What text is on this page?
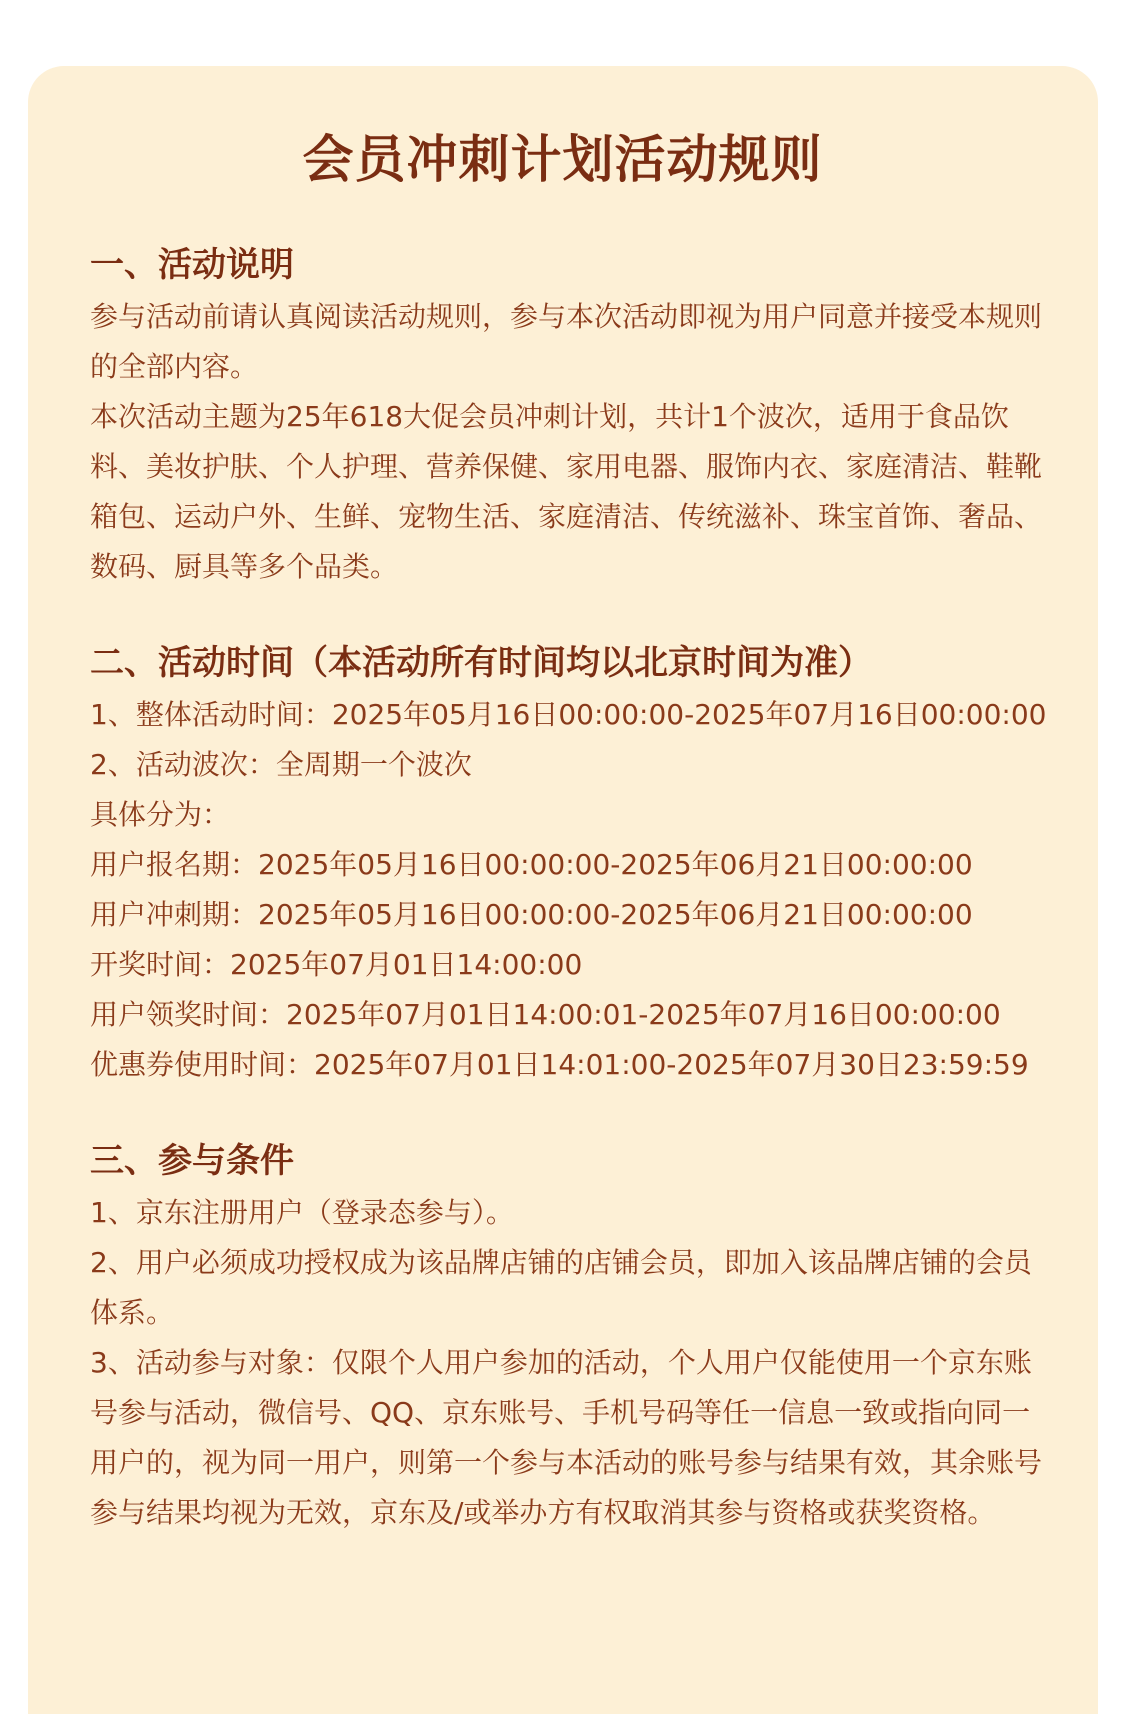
会员冲刺计划活动规则
一、活动说明

参与活动前请认真阅读活动规则，参与本次活动即视为用户同意并接受本规则的全部内容。

本次活动主题为25年618大促会员冲刺计划，共计1个波次，适用于食品饮料、美妆护肤、个人护理、营养保健、家用电器、服饰内衣、家庭清洁、鞋靴箱包、运动户外、生鲜、宠物生活、家庭清洁、传统滋补、珠宝首饰、奢品、数码、厨具等多个品类。

二、活动时间（本活动所有时间均以北京时间为准）

1、整体活动时间：2025年05月16日00:00:00-2025年07月16日00:00:00

2、活动波次：全周期一个波次

具体分为：

用户报名期：2025年05月16日00:00:00-2025年06月21日00:00:00

用户冲刺期：2025年05月16日00:00:00-2025年06月21日00:00:00

开奖时间：2025年07月01日14:00:00

用户领奖时间：2025年07月01日14:00:01-2025年07月16日00:00:00

优惠券使用时间：2025年07月01日14:01:00-2025年07月30日23:59:59

三、参与条件

1、京东注册用户（登录态参与）。

2、用户必须成功授权成为该品牌店铺的店铺会员，即加入该品牌店铺的会员体系。

3、活动参与对象：仅限个人用户参加的活动，个人用户仅能使用一个京东账号参与活动，微信号、QQ、京东账号、手机号码等任一信息一致或指向同一用户的，视为同一用户，则第一个参与本活动的账号参与结果有效，其余账号参与结果均视为无效，京东及/或举办方有权取消其参与资格或获奖资格。
